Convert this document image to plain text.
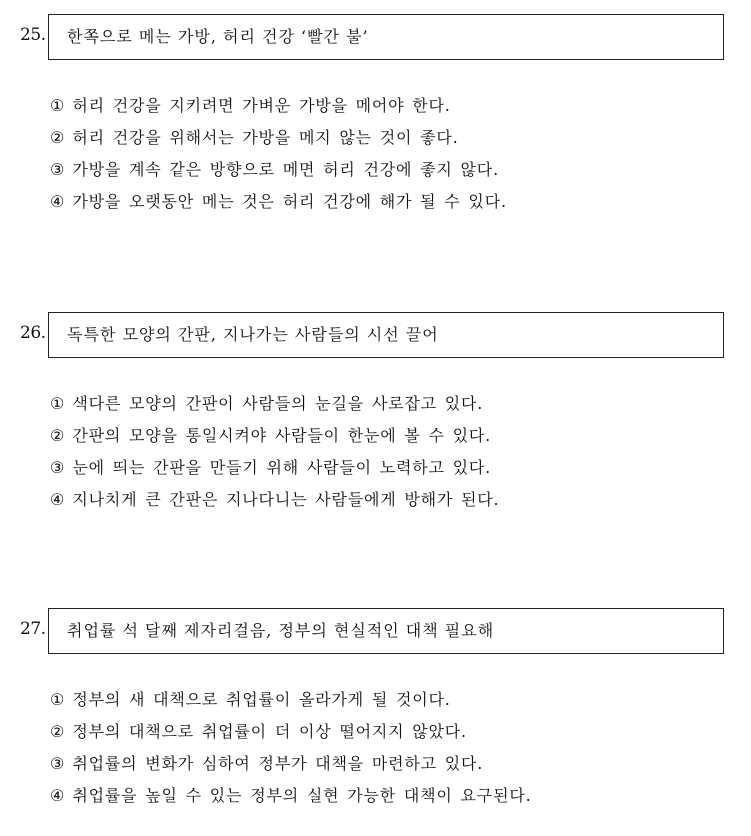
25. 한쪽으로 메는 가방, 허리 건강 ‘빨간 불’
① 허리 건강을 지키려면 가벼운 가방을 메어야 한다.
② 허리 건강을 위해서는 가방을 메지 않는 것이 좋다.
③ 가방을 계속 같은 방향으로 메면 허리 건강에 좋지 않다.
④ 가방을 오랫동안 메는 것은 허리 건강에 해가 될 수 있다.
26. 독특한 모양의 간판, 지나가는 사람들의 시선 끌어
① 색다른 모양의 간판이 사람들의 눈길을 사로잡고 있다.
② 간판의 모양을 통일시켜야 사람들이 한눈에 볼 수 있다.
③ 눈에 띄는 간판을 만들기 위해 사람들이 노력하고 있다.
④ 지나치게 큰 간판은 지나다니는 사람들에게 방해가 된다.
27. 취업률 석 달째 제자리걸음, 정부의 현실적인 대책 필요해
① 정부의 새 대책으로 취업률이 올라가게 될 것이다.
② 정부의 대책으로 취업률이 더 이상 떨어지지 않았다.
③ 취업률의 변화가 심하여 정부가 대책을 마련하고 있다.
④ 취업률을 높일 수 있는 정부의 실현 가능한 대책이 요구된다.
